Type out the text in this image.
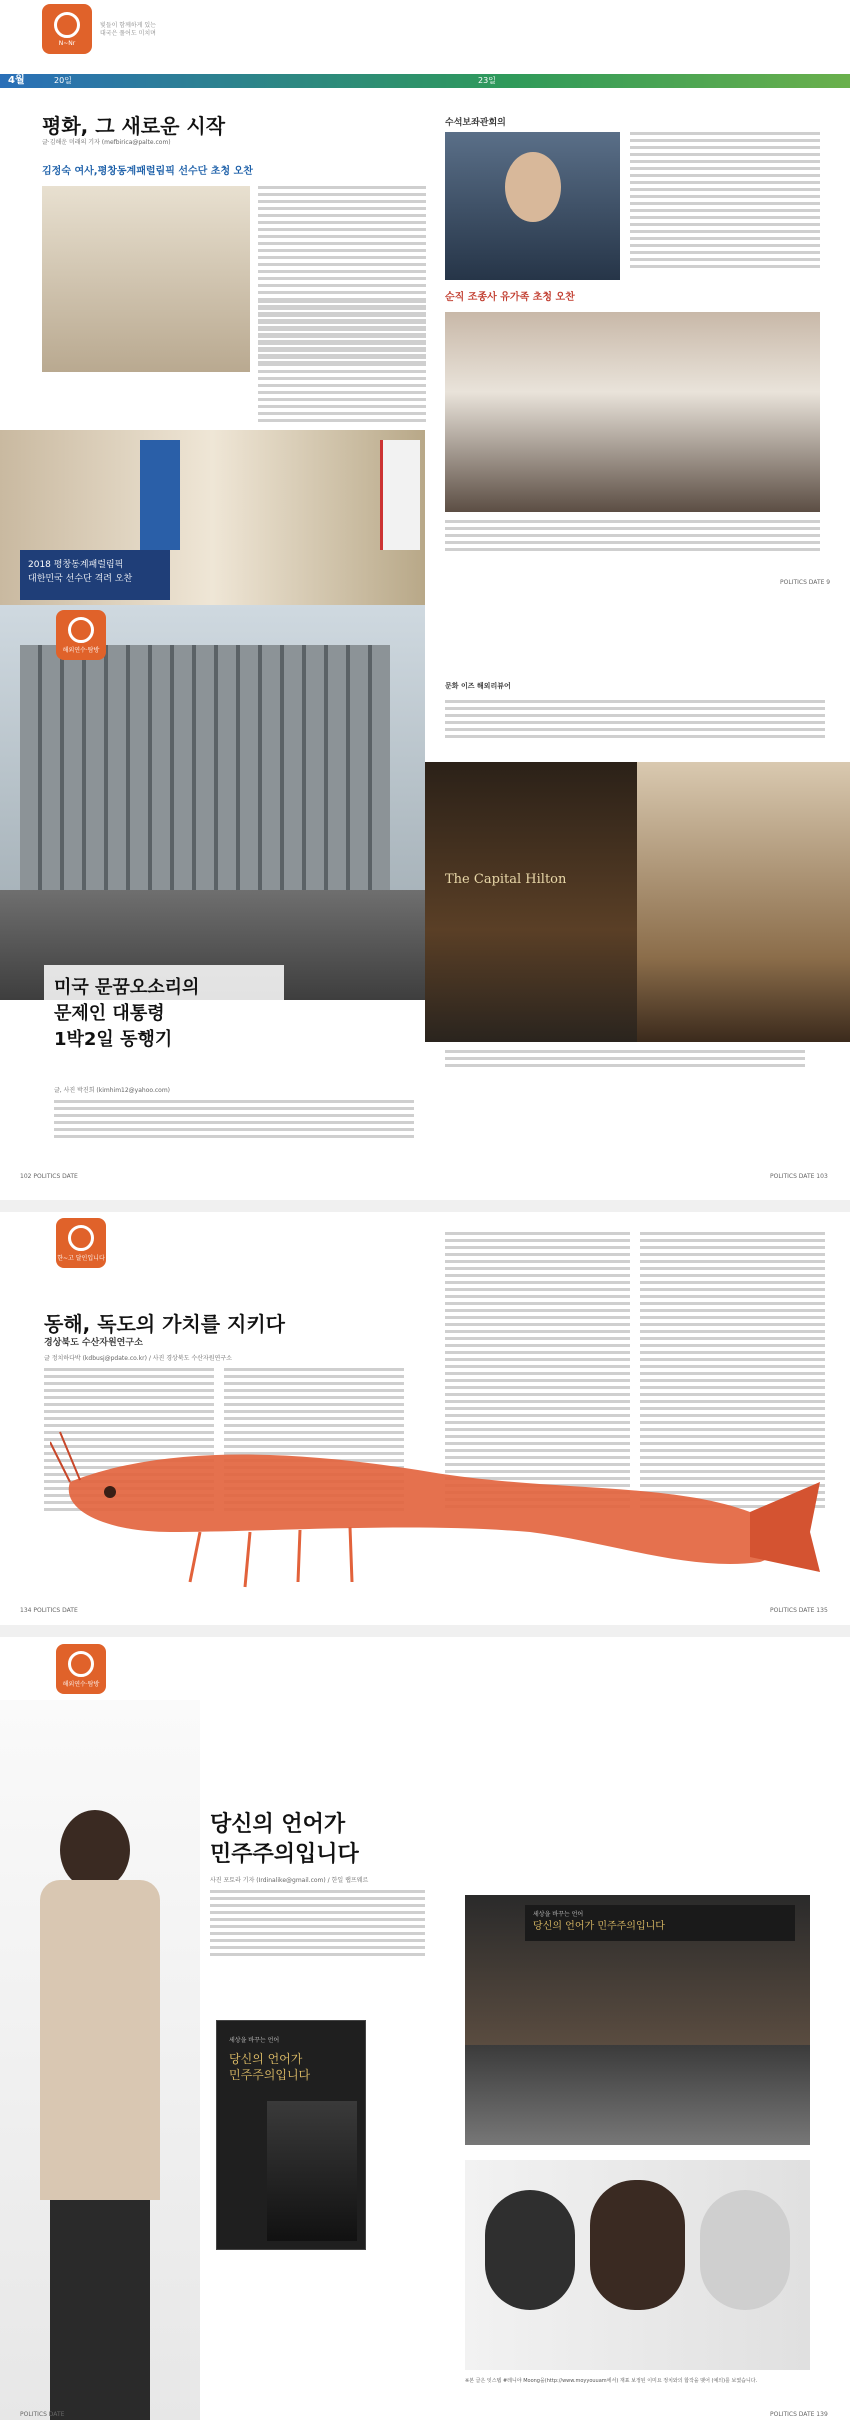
N~Nr
빛들이 함께하게 있는
대국은 풀어도 미치며
4월	20일	23일
평화, 그 새로운 시작
글·김해운 미래의 기자 (mefbirica@palte.com)
김정숙 여사,평창동계패럴림픽 선수단 초청 오찬
2018 평창동계패럴림픽
대한민국 선수단 격려 오찬
수석보좌관회의
순직 조종사 유가족 초청 오찬
POLITICS DATE 9
해외연수·탐방
미국 문꿈오소리의
문제인 대통령
1박2일 동행기
글, 사진 박진희 (kimhim12@yahoo.com)
102 POLITICS DATE
문화 이즈 해외리뷰어
The Capital Hilton
POLITICS DATE 103
한~고 달인입니다
동해, 독도의 가치를 지키다
경상북도 수산자원연구소
글 정치하다박 (kdbusj@pdate.co.kr) / 사진 경상북도 수산자원연구소
134 POLITICS DATE	POLITICS DATE 135
해외연수·탐방
당신의 언어가
민주주의입니다
사진 포토라 기자 (Irdinalike@gmail.com) / 한일 랩프웨르
세상을 바꾸는 언어
당신의 언어가
민주주의입니다
POLITICS DATE
세상을 바꾸는 언어
당신의 언어가 민주주의입니다
※본 글은 잇스텝 #레니야 Moong을(http://www.moyyouuam에서) 재표 보정된 이미요 정치와의 합작을 맺어 (예의)를 보였습니다.
POLITICS DATE 139
